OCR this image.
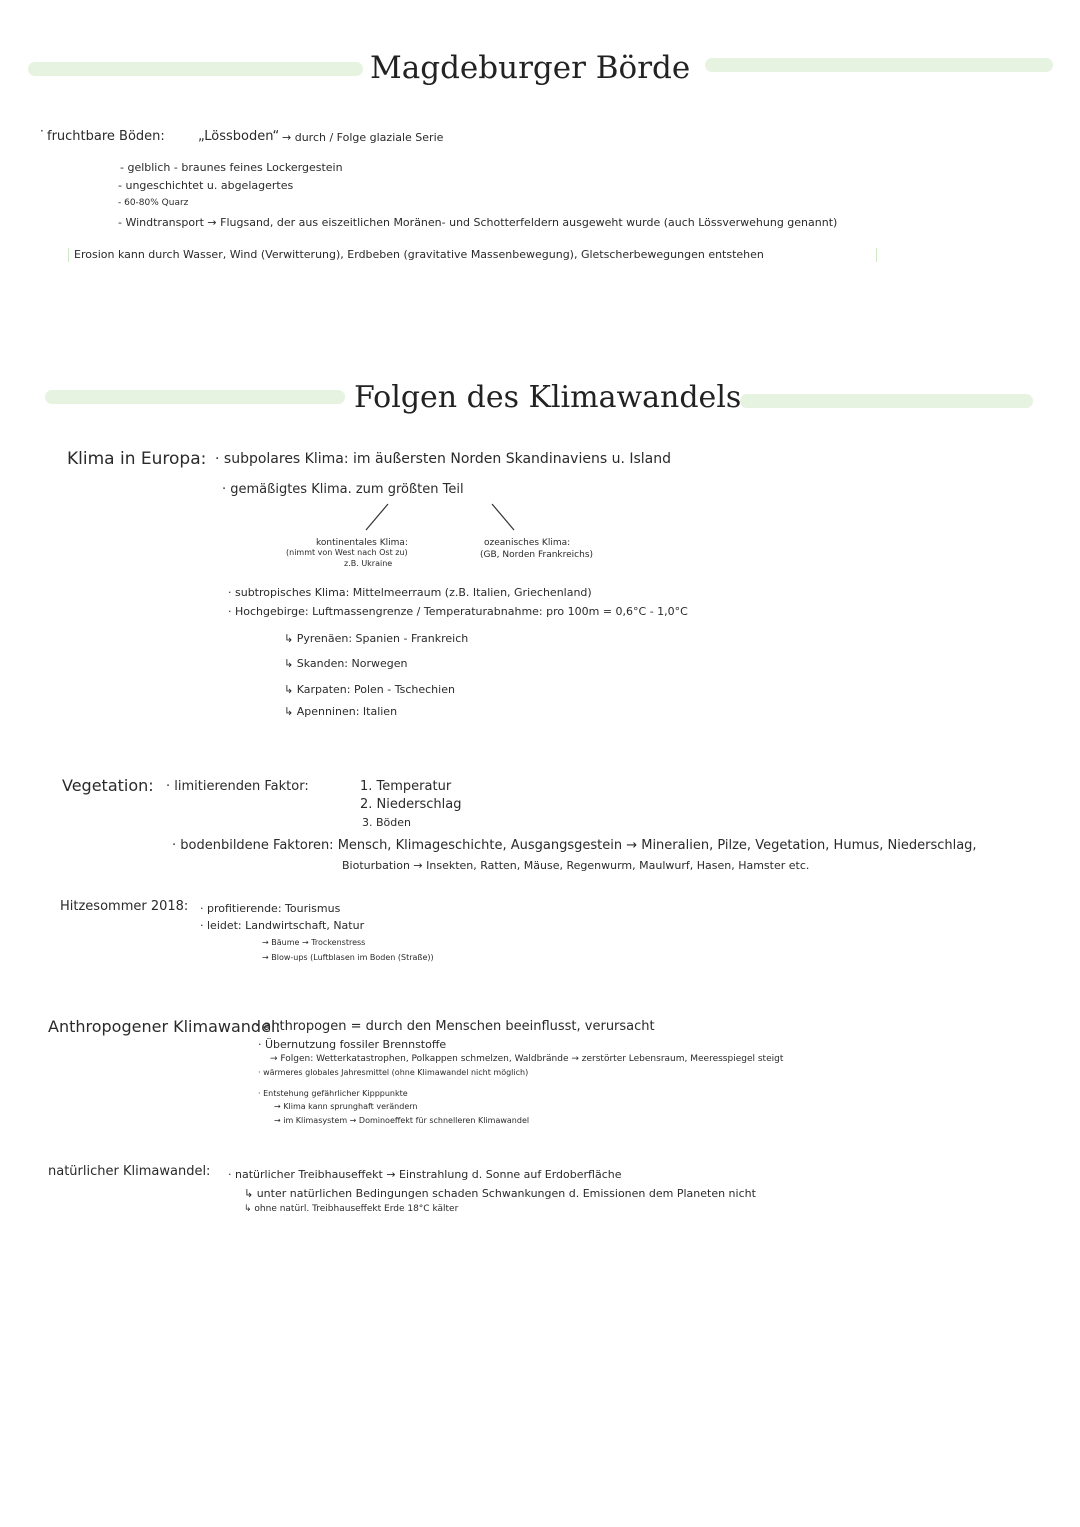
Magdeburger Börde
· fruchtbare Böden:	„Lössboden“ → durch / Folge glaziale Serie
- gelblich - braunes feines Lockergestein
- ungeschichtet u. abgelagertes
- 60-80% Quarz
- Windtransport → Flugsand, der aus eiszeitlichen Moränen- und Schotterfeldern ausgeweht wurde (auch Lössverwehung genannt)
Erosion kann durch Wasser, Wind (Verwitterung), Erdbeben (gravitative Massenbewegung), Gletscherbewegungen entstehen
Folgen des Klimawandels
Klima in Europa: · subpolares Klima: im äußersten Norden Skandinaviens u. Island
· gemäßigtes Klima. zum größten Teil
kontinentales Klima:
(nimmt von West nach Ost zu)
z.B. Ukraine
ozeanisches Klima:
(GB, Norden Frankreichs)
· subtropisches Klima: Mittelmeerraum (z.B. Italien, Griechenland)
· Hochgebirge: Luftmassengrenze / Temperaturabnahme: pro 100m = 0,6°C - 1,0°C
↳ Pyrenäen: Spanien - Frankreich
↳ Skanden: Norwegen
↳ Karpaten: Polen - Tschechien
↳ Apenninen: Italien
Vegetation: · limitierenden Faktor:	1. Temperatur
2. Niederschlag
3. Böden
· bodenbildene Faktoren: Mensch, Klimageschichte, Ausgangsgestein → Mineralien, Pilze, Vegetation, Humus, Niederschlag,
Bioturbation → Insekten, Ratten, Mäuse, Regenwurm, Maulwurf, Hasen, Hamster etc.
Hitzesommer 2018: · profitierende: Tourismus
· leidet: Landwirtschaft, Natur
→ Bäume → Trockenstress
→ Blow-ups (Luftblasen im Boden (Straße))
Anthropogener Klimawandel:
· anthropogen = durch den Menschen beeinflusst, verursacht
· Übernutzung fossiler Brennstoffe
→ Folgen: Wetterkatastrophen, Polkappen schmelzen, Waldbrände → zerstörter Lebensraum, Meeresspiegel steigt
· wärmeres globales Jahresmittel (ohne Klimawandel nicht möglich)
· Entstehung gefährlicher Kipppunkte
→ Klima kann sprunghaft verändern
→ im Klimasystem → Dominoeffekt für schnelleren Klimawandel
natürlicher Klimawandel: · natürlicher Treibhauseffekt → Einstrahlung d. Sonne auf Erdoberfläche
↳ unter natürlichen Bedingungen schaden Schwankungen d. Emissionen dem Planeten nicht
↳ ohne natürl. Treibhauseffekt Erde 18°C kälter
